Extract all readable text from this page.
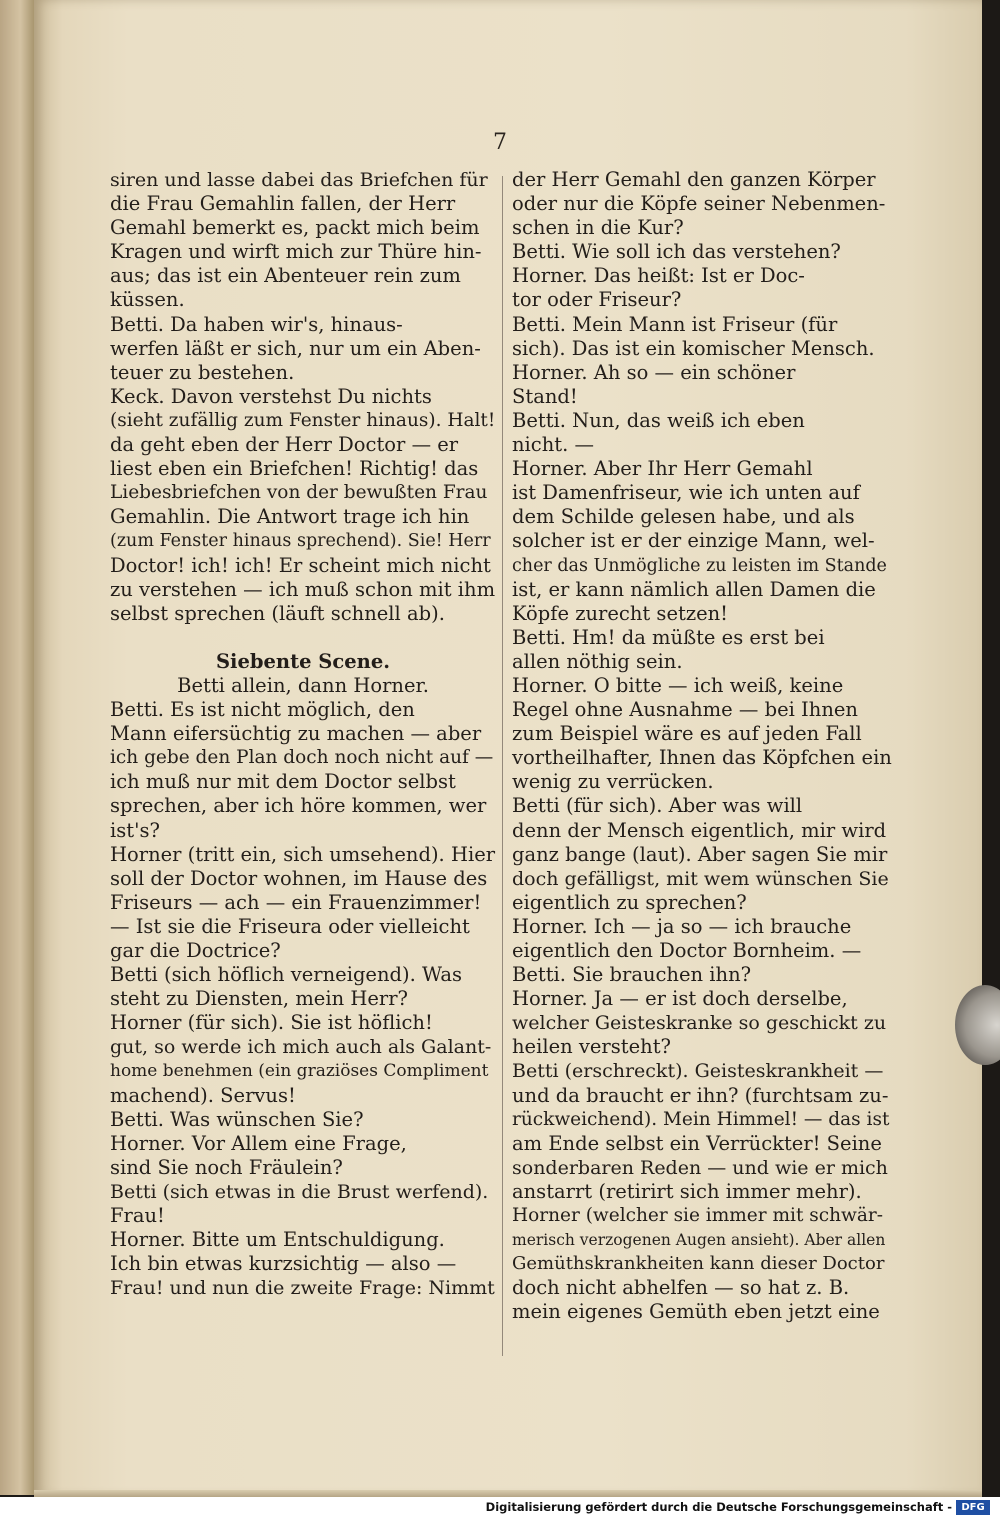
7

siren und lasse dabei das Briefchen für

die Frau Gemahlin fallen, der Herr

Gemahl bemerkt es, packt mich beim

Kragen und wirft mich zur Thüre hin-

aus; das ist ein Abenteuer rein zum

küssen.

Betti. Da haben wir's, hinaus-

werfen läßt er sich, nur um ein Aben-

teuer zu bestehen.

Keck. Davon verstehst Du nichts

(sieht zufällig zum Fenster hinaus). Halt!

da geht eben der Herr Doctor — er

liest eben ein Briefchen! Richtig! das

Liebesbriefchen von der bewußten Frau

Gemahlin. Die Antwort trage ich hin

(zum Fenster hinaus sprechend). Sie! Herr

Doctor! ich! ich! Er scheint mich nicht

zu verstehen — ich muß schon mit ihm

selbst sprechen (läuft schnell ab).

Siebente Scene.

Betti allein, dann Horner.

Betti. Es ist nicht möglich, den

Mann eifersüchtig zu machen — aber

ich gebe den Plan doch noch nicht auf —

ich muß nur mit dem Doctor selbst

sprechen, aber ich höre kommen, wer

ist's?

Horner (tritt ein, sich umsehend). Hier

soll der Doctor wohnen, im Hause des

Friseurs — ach — ein Frauenzimmer!

— Ist sie die Friseura oder vielleicht

gar die Doctrice?

Betti (sich höflich verneigend). Was

steht zu Diensten, mein Herr?

Horner (für sich). Sie ist höflich!

gut, so werde ich mich auch als Galant-

home benehmen (ein graziöses Compliment

machend). Servus!

Betti. Was wünschen Sie?

Horner. Vor Allem eine Frage,

sind Sie noch Fräulein?

Betti (sich etwas in die Brust werfend).

Frau!

Horner. Bitte um Entschuldigung.

Ich bin etwas kurzsichtig — also —

Frau! und nun die zweite Frage: Nimmt

der Herr Gemahl den ganzen Körper

oder nur die Köpfe seiner Nebenmen-

schen in die Kur?

Betti. Wie soll ich das verstehen?

Horner. Das heißt: Ist er Doc-

tor oder Friseur?

Betti. Mein Mann ist Friseur (für

sich). Das ist ein komischer Mensch.

Horner. Ah so — ein schöner

Stand!

Betti. Nun, das weiß ich eben

nicht. —

Horner. Aber Ihr Herr Gemahl

ist Damenfriseur, wie ich unten auf

dem Schilde gelesen habe, und als

solcher ist er der einzige Mann, wel-

cher das Unmögliche zu leisten im Stande

ist, er kann nämlich allen Damen die

Köpfe zurecht setzen!

Betti. Hm! da müßte es erst bei

allen nöthig sein.

Horner. O bitte — ich weiß, keine

Regel ohne Ausnahme — bei Ihnen

zum Beispiel wäre es auf jeden Fall

vortheilhafter, Ihnen das Köpfchen ein

wenig zu verrücken.

Betti (für sich). Aber was will

denn der Mensch eigentlich, mir wird

ganz bange (laut). Aber sagen Sie mir

doch gefälligst, mit wem wünschen Sie

eigentlich zu sprechen?

Horner. Ich — ja so — ich brauche

eigentlich den Doctor Bornheim. —

Betti. Sie brauchen ihn?

Horner. Ja — er ist doch derselbe,

welcher Geisteskranke so geschickt zu

heilen versteht?

Betti (erschreckt). Geisteskrankheit —

und da braucht er ihn? (furchtsam zu-

rückweichend). Mein Himmel! — das ist

am Ende selbst ein Verrückter! Seine

sonderbaren Reden — und wie er mich

anstarrt (retirirt sich immer mehr).

Horner (welcher sie immer mit schwär-

merisch verzogenen Augen ansieht). Aber allen

Gemüthskrankheiten kann dieser Doctor

doch nicht abhelfen — so hat z. B.

mein eigenes Gemüth eben jetzt eine

Digitalisierung gefördert durch die Deutsche Forschungsgemeinschaft - DFG
